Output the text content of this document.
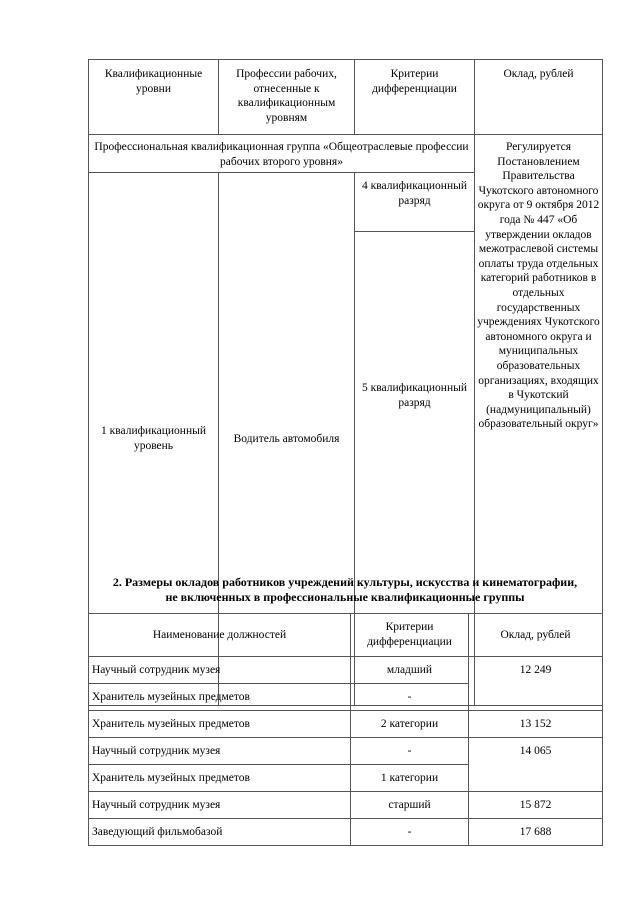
Квалификационные уровни	Профессии рабочих, отнесенные к квалификационным уровням	Критерии дифференциации	Оклад, рублей
Профессиональная квалификационная группа «Общеотраслевые профессии рабочих второго уровня»			Регулируется Постановлением Правительства Чукотского автономного округа от 9 октября 2012 года № 447 «Об утверждении окладов межотраслевой системы оплаты труда отдельных категорий работников в отдельных государственных учреждениях Чукотского автономного округа и муниципальных образовательных организациях, входящих в Чукотский (надмуниципальный) образовательный округ»
1 квалификационный уровень	Водитель автомобиля	4 квалификационный разряд	
		5 квалификационный разряд	
2. Размеры окладов работников учреждений культуры, искусства и кинематографии,
не включенных в профессиональные квалификационные группы
Наименование должностей	Критерии дифференциации	Оклад, рублей
Научный сотрудник музея	младший	12 249
Хранитель музейных предметов	-	
Хранитель музейных предметов	2 категории	13 152
Научный сотрудник музея	-	14 065
Хранитель музейных предметов	1 категории	
Научный сотрудник музея	старший	15 872
Заведующий фильмобазой	-	17 688
